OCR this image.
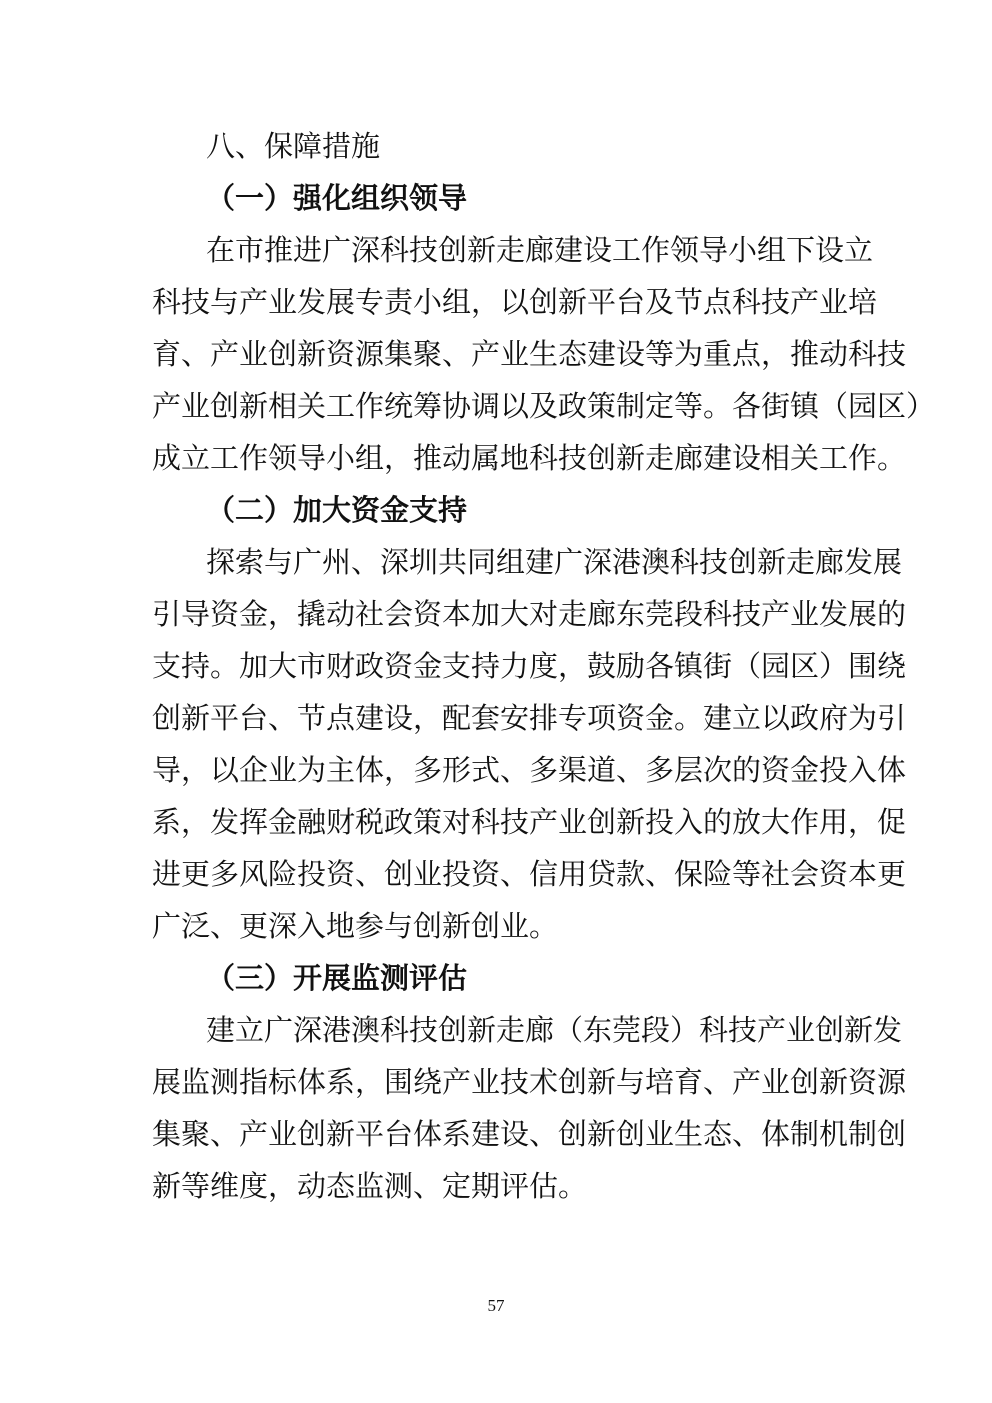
八、保障措施
（一）强化组织领导
在市推进广深科技创新走廊建设工作领导小组下设立
科技与产业发展专责小组，以创新平台及节点科技产业培
育、产业创新资源集聚、产业生态建设等为重点，推动科技
产业创新相关工作统筹协调以及政策制定等。各街镇（园区）
成立工作领导小组，推动属地科技创新走廊建设相关工作。
（二）加大资金支持
探索与广州、深圳共同组建广深港澳科技创新走廊发展
引导资金，撬动社会资本加大对走廊东莞段科技产业发展的
支持。加大市财政资金支持力度，鼓励各镇街（园区）围绕
创新平台、节点建设，配套安排专项资金。建立以政府为引
导，以企业为主体，多形式、多渠道、多层次的资金投入体
系，发挥金融财税政策对科技产业创新投入的放大作用，促
进更多风险投资、创业投资、信用贷款、保险等社会资本更
广泛、更深入地参与创新创业。
（三）开展监测评估
建立广深港澳科技创新走廊（东莞段）科技产业创新发
展监测指标体系，围绕产业技术创新与培育、产业创新资源
集聚、产业创新平台体系建设、创新创业生态、体制机制创
新等维度，动态监测、定期评估。
57
